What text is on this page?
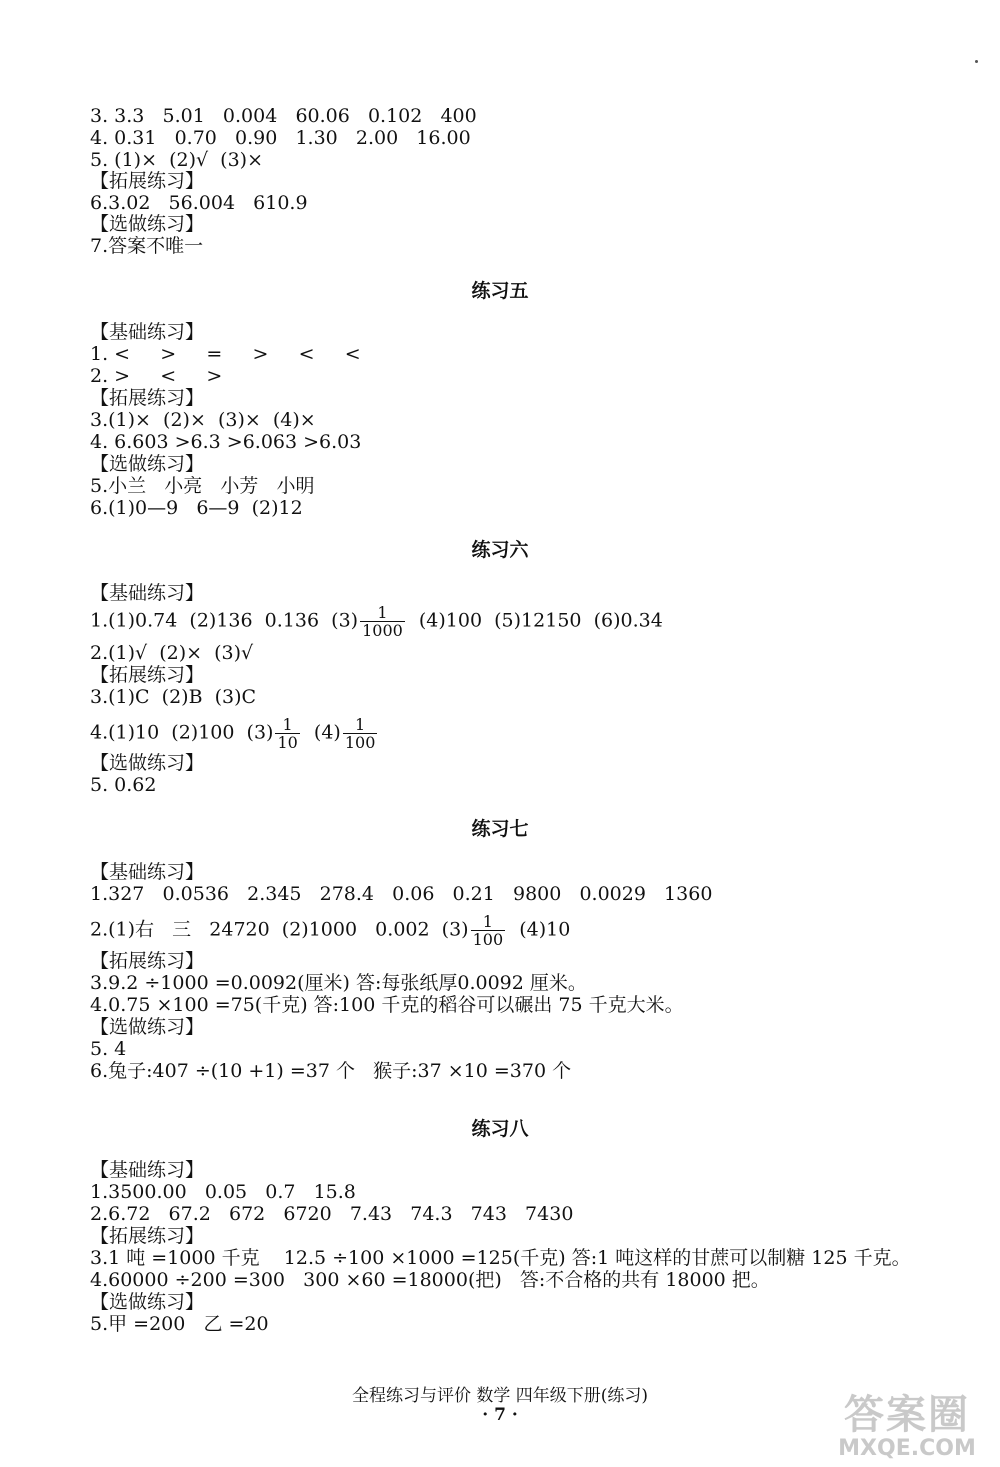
3. 3.3   5.01   0.004   60.06   0.102   400
4. 0.31   0.70   0.90   1.30   2.00   16.00
5. (1)×  (2)√  (3)×
【拓展练习】
6.3.02   56.004   610.9
【选做练习】
7.答案不唯一
练习五
【基础练习】
1. <     >     =     >     <     <
2. >     <     >
【拓展练习】
3.(1)×  (2)×  (3)×  (4)×
4. 6.603 >6.3 >6.063 >6.03
【选做练习】
5.小兰   小亮   小芳   小明
6.(1)0—9   6—9  (2)12
练习六
【基础练习】
1.(1)0.74  (2)136  0.136  $(3) \frac{1}{1000} (4)100$  (5)12150  (6)0.34
2.(1)√  (2)×  (3)√
【拓展练习】
3.(1)C  (2)B  (3)C
4.(1)10  (2)100  $(3) \frac{1}{10} (4) \frac{1}{100}$
【选做练习】
5. 0.62
练习七
【基础练习】
1.327   0.0536   2.345   278.4   0.06   0.21   9800   0.0029   1360
2.(1)右   三   24720  (2)1000   0.002  $(3) \frac{1}{100} (4)10$
【拓展练习】
3.9.2 ÷1000 =0.0092(厘米) 答:每张纸厚0.0092 厘米。
4.0.75 ×100 =75(千克) 答:100 千克的稻谷可以碾出 75 千克大米。
【选做练习】
5. 4
6.兔子:407 ÷(10 +1) =37 个   猴子:37 ×10 =370 个
练习八
【基础练习】
1.3500.00   0.05   0.7   15.8
2.6.72   67.2   672   6720   7.43   74.3   743   7430
【拓展练习】
3.1 吨 =1000 千克    12.5 ÷100 ×1000 =125(千克) 答:1 吨这样的甘蔗可以制糖 125 千克。
4.60000 ÷200 =300   300 ×60 =18000(把)   答:不合格的共有 18000 把。
【选做练习】
5.甲 =200   乙 =20
全程练习与评价 数学 四年级下册(练习)
· 7 ·	答案圈
MXQE.COM
